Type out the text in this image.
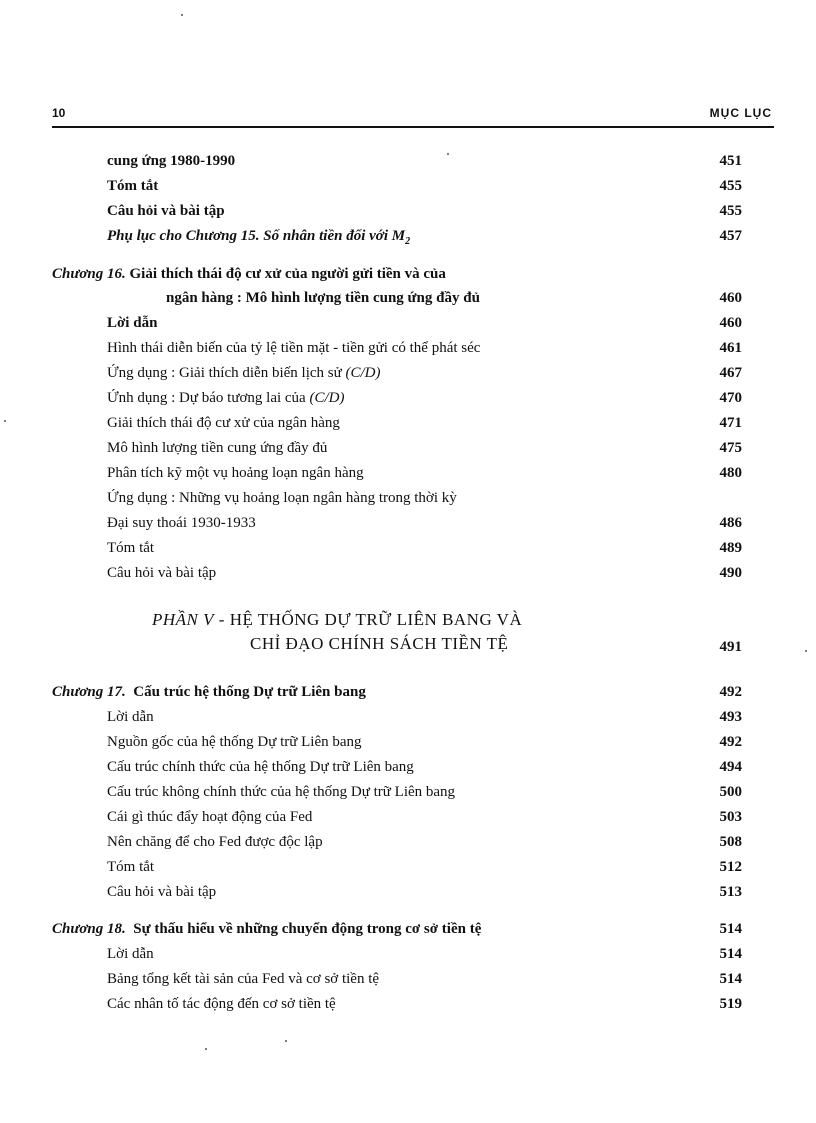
10	MỤC LỤC
cung ứng 1980-1990	451
Tóm tắt	455
Câu hỏi và bài tập	455
Phụ lục cho Chương 15. Số nhân tiền đối với $M_2$	457
Chương 16. Giải thích thái độ cư xử của người gửi tiền và của
ngân hàng : Mô hình lượng tiền cung ứng đầy đủ	460
Lời dẫn	460
Hình thái diễn biến của tỷ lệ tiền mặt - tiền gửi có thể phát séc	461
Ứng dụng : Giải thích diễn biến lịch sử (C/D)	467
Ứnh dụng : Dự báo tương lai của (C/D)	470
Giải thích thái độ cư xử của ngân hàng	471
Mô hình lượng tiền cung ứng đầy đủ	475
Phân tích kỹ một vụ hoảng loạn ngân hàng	480
Ứng dụng : Những vụ hoảng loạn ngân hàng trong thời kỳ
Đại suy thoái 1930-1933	486
Tóm tắt	489
Câu hỏi và bài tập	490
PHẦN V - HỆ THỐNG DỰ TRỮ LIÊN BANG VÀ
CHỈ ĐẠO CHÍNH SÁCH TIỀN TỆ	491
Chương 17. Cấu trúc hệ thống Dự trữ Liên bang	492
Lời dẫn	493
Nguồn gốc của hệ thống Dự trữ Liên bang	492
Cấu trúc chính thức của hệ thống Dự trữ Liên bang	494
Cấu trúc không chính thức của hệ thống Dự trữ Liên bang	500
Cái gì thúc đẩy hoạt động của Fed	503
Nên chăng để cho Fed được độc lập	508
Tóm tắt	512
Câu hỏi và bài tập	513
Chương 18. Sự thấu hiểu về những chuyển động trong cơ sở tiền tệ	514
Lời dẫn	514
Bảng tổng kết tài sản của Fed và cơ sở tiền tệ	514
Các nhân tố tác động đến cơ sở tiền tệ	519
